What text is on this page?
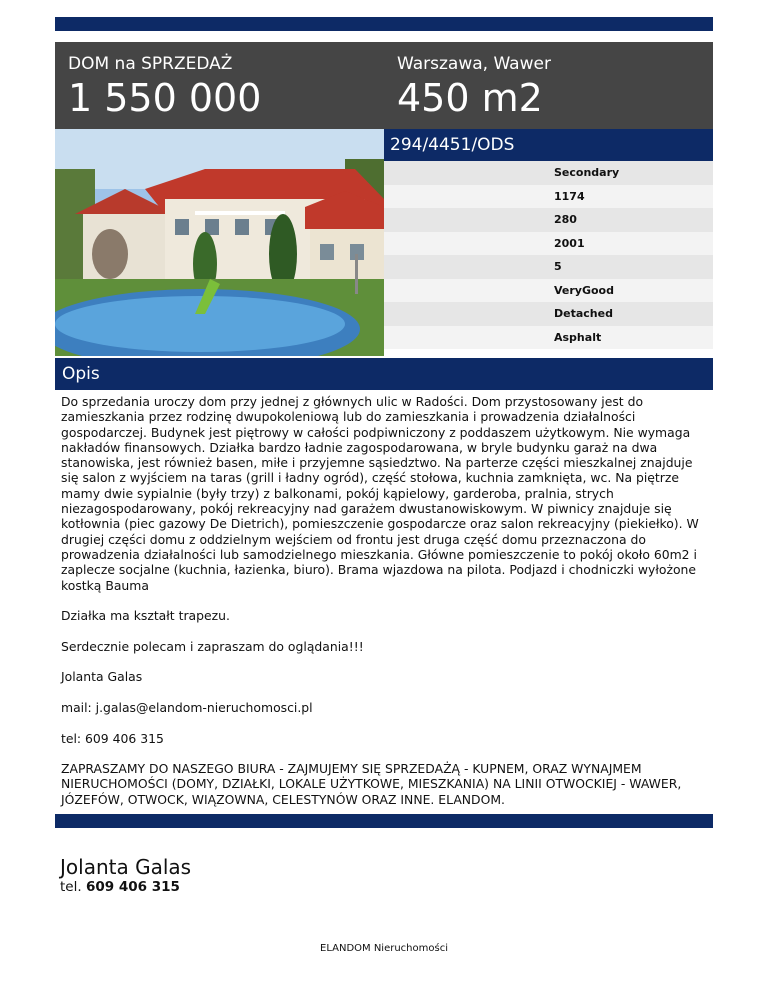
DOM na SPRZEDAŻ
1 550 000
Warszawa, Wawer
450 m2
294/4451/ODS
Secondary
1174
280
2001
5
VeryGood
Detached
Asphalt
Opis

Do sprzedania uroczy dom przy jednej z głównych ulic w Radości. Dom przystosowany jest do zamieszkania przez rodzinę dwupokoleniową lub do zamieszkania i prowadzenia działalności gospodarczej. Budynek jest piętrowy w całości podpiwniczony z poddaszem użytkowym. Nie wymaga nakładów finansowych. Działka bardzo ładnie zagospodarowana, w bryle budynku garaż na dwa stanowiska, jest również basen, miłe i przyjemne sąsiedztwo. Na parterze części mieszkalnej znajduje się salon z wyjściem na taras (grill i ładny ogród), część stołowa, kuchnia zamknięta, wc. Na piętrze mamy dwie sypialnie (były trzy) z balkonami, pokój kąpielowy, garderoba, pralnia, strych niezagospodarowany, pokój rekreacyjny nad garażem dwustanowiskowym. W piwnicy znajduje się kotłownia (piec gazowy De Dietrich), pomieszczenie gospodarcze oraz salon rekreacyjny (piekiełko). W drugiej części domu z oddzielnym wejściem od frontu jest druga część domu przeznaczona do prowadzenia działalności lub samodzielnego mieszkania. Główne pomieszczenie to pokój około 60m2 i zaplecze socjalne (kuchnia, łazienka, biuro). Brama wjazdowa na pilota. Podjazd i chodniczki wyłożone kostką Bauma

Działka ma kształt trapezu.

Serdecznie polecam i zapraszam do oglądania!!!

Jolanta Galas

mail: j.galas@elandom-nieruchomosci.pl

tel: 609 406 315

ZAPRASZAMY DO NASZEGO BIURA - ZAJMUJEMY SIĘ SPRZEDAŻĄ - KUPNEM, ORAZ WYNAJMEM NIERUCHOMOŚCI (DOMY, DZIAŁKI, LOKALE UŻYTKOWE, MIESZKANIA) NA LINII OTWOCKIEJ - WAWER, JÓZEFÓW, OTWOCK, WIĄZOWNA, CELESTYNÓW ORAZ INNE. ELANDOM.

Jolanta Galas
tel. 609 406 315
ELANDOM Nieruchomości
